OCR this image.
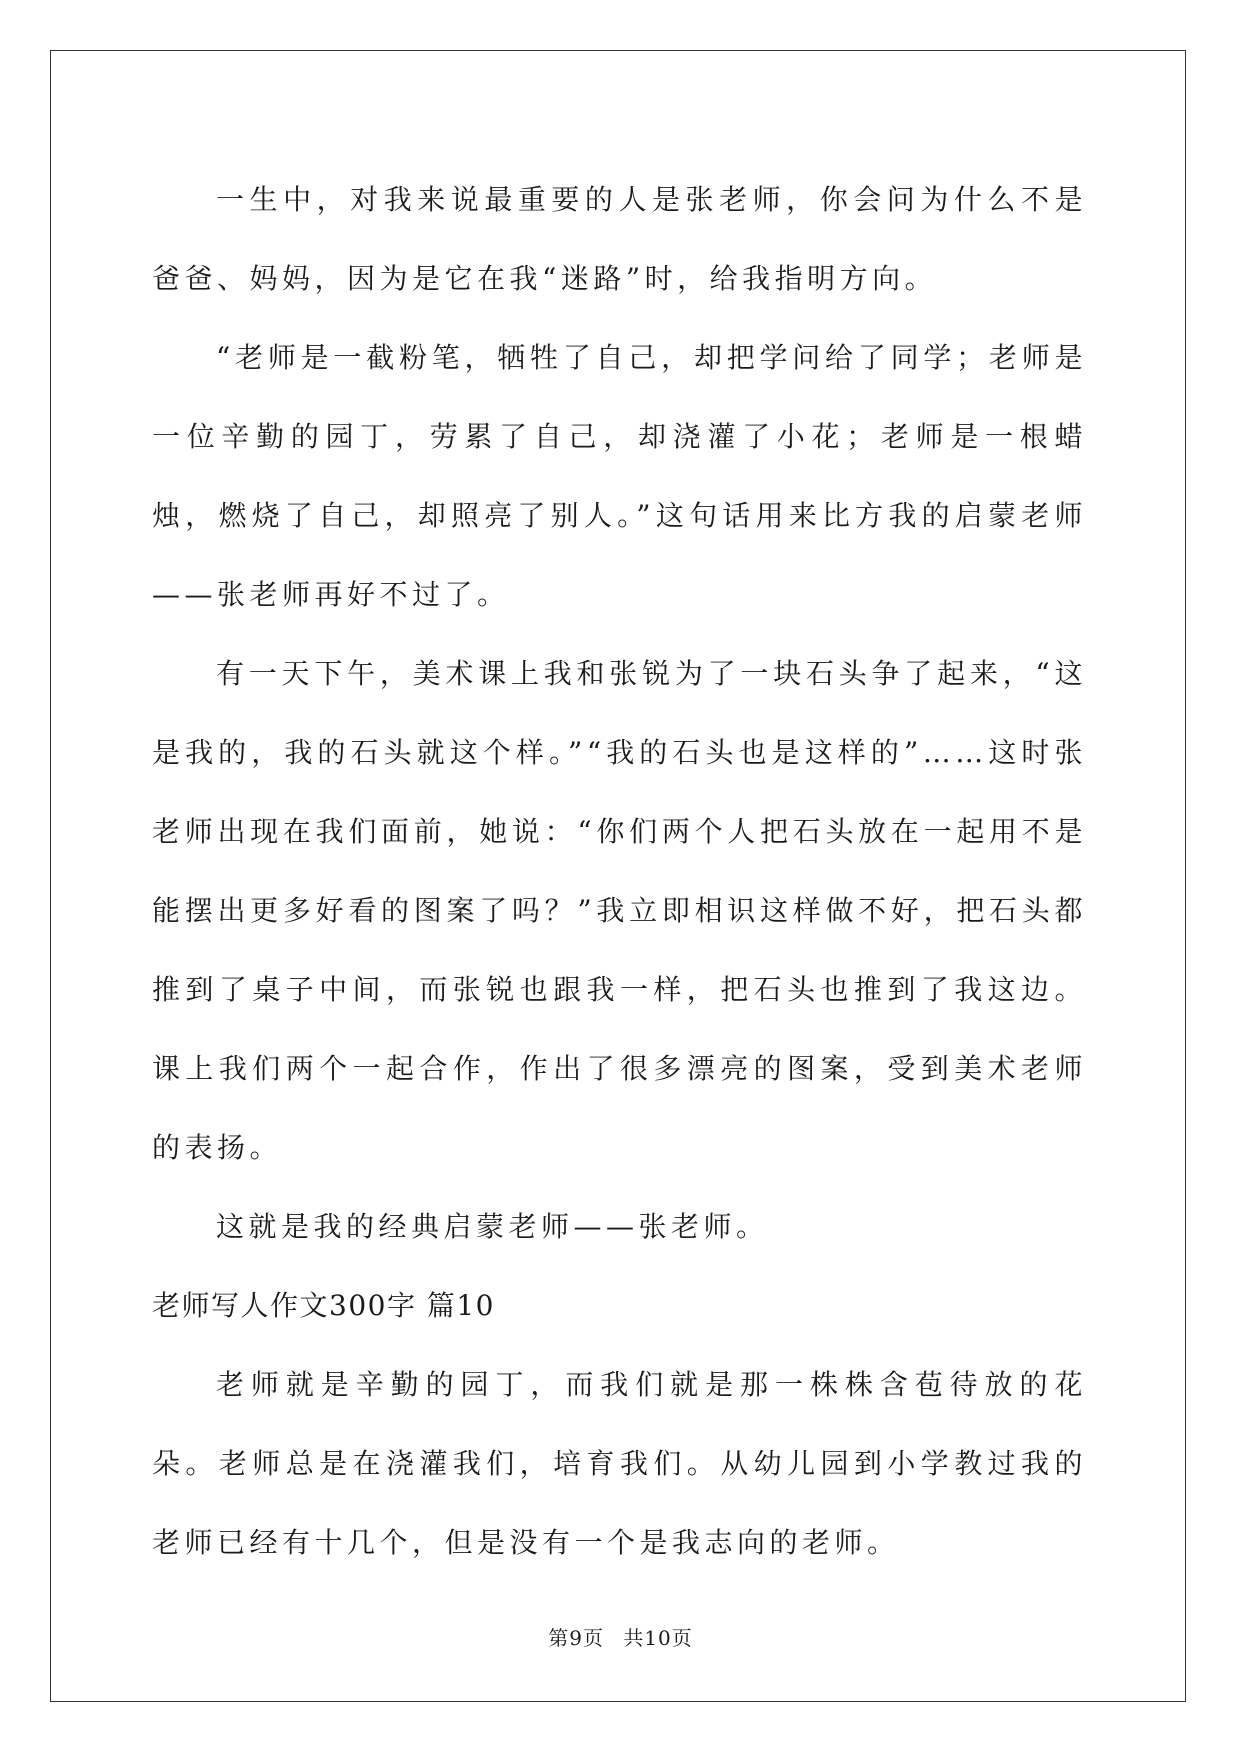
一生中，对我来说最重要的人是张老师，你会问为什么不是爸爸、妈妈，因为是它在我“迷路”时，给我指明方向。

“老师是一截粉笔，牺牲了自己，却把学问给了同学；老师是一位辛勤的园丁，劳累了自己，却浇灌了小花；老师是一根蜡烛，燃烧了自己，却照亮了别人。”这句话用来比方我的启蒙老师——张老师再好不过了。

有一天下午，美术课上我和张锐为了一块石头争了起来，“这是我的，我的石头就这个样。”“我的石头也是这样的”……这时张老师出现在我们面前，她说：“你们两个人把石头放在一起用不是能摆出更多好看的图案了吗？”我立即相识这样做不好，把石头都推到了桌子中间，而张锐也跟我一样，把石头也推到了我这边。课上我们两个一起合作，作出了很多漂亮的图案，受到美术老师的表扬。

这就是我的经典启蒙老师——张老师。

老师写人作文300字 篇10

老师就是辛勤的园丁，而我们就是那一株株含苞待放的花朵。老师总是在浇灌我们，培育我们。从幼儿园到小学教过我的老师已经有十几个，但是没有一个是我志向的老师。

第9页 共10页
